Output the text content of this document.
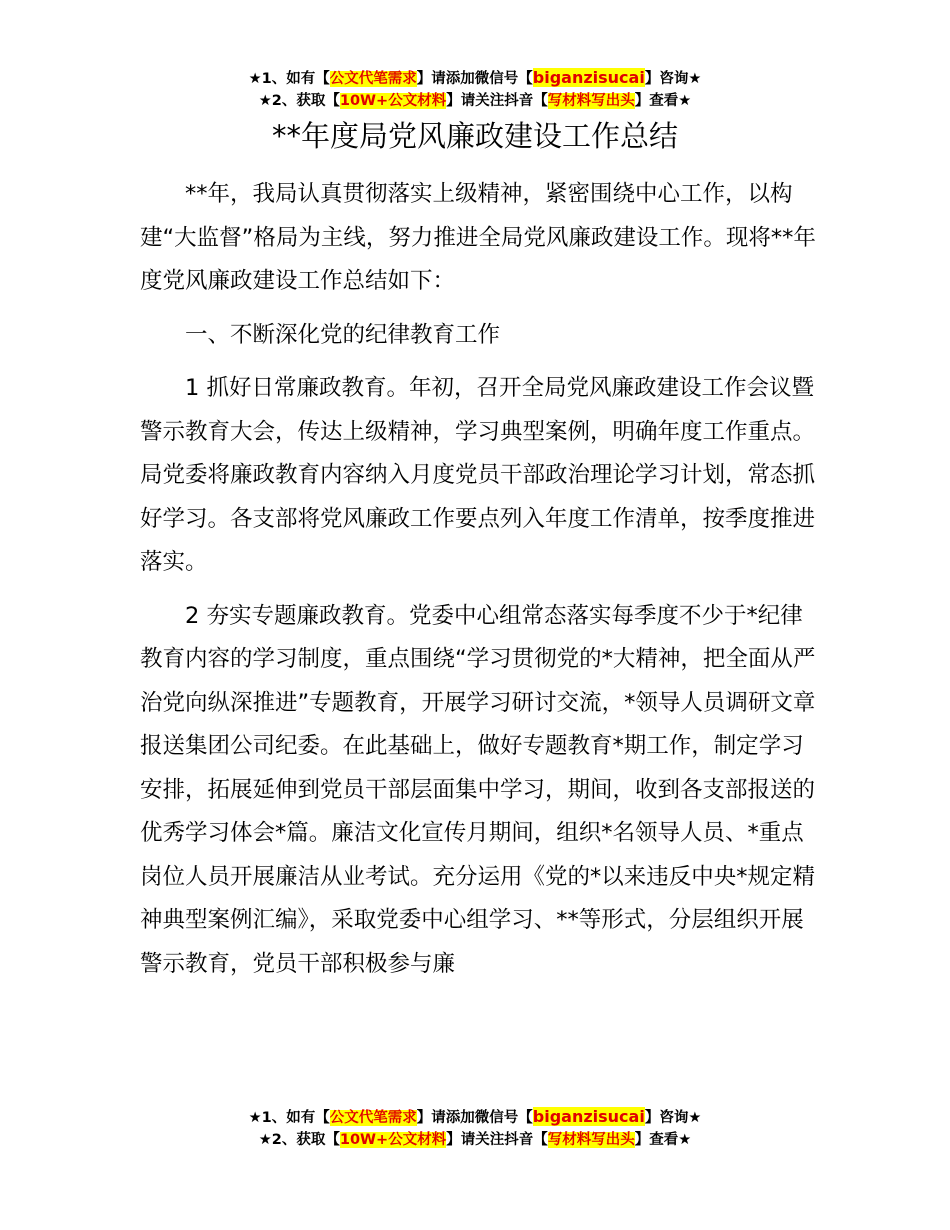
★1、如有【公文代笔需求】请添加微信号【biganzisucai】咨询★
★2、获取【10W+公文材料】请关注抖音【写材料写出头】查看★
**年度局党风廉政建设工作总结

**年，我局认真贯彻落实上级精神，紧密围绕中心工作，以构建“大监督”格局为主线，努力推进全局党风廉政建设工作。现将**年度党风廉政建设工作总结如下：

一、不断深化党的纪律教育工作

1 抓好日常廉政教育。年初，召开全局党风廉政建设工作会议暨警示教育大会，传达上级精神，学习典型案例，明确年度工作重点。局党委将廉政教育内容纳入月度党员干部政治理论学习计划，常态抓好学习。各支部将党风廉政工作要点列入年度工作清单，按季度推进落实。

2 夯实专题廉政教育。党委中心组常态落实每季度不少于*纪律教育内容的学习制度，重点围绕“学习贯彻党的*大精神，把全面从严治党向纵深推进”专题教育，开展学习研讨交流，*领导人员调研文章报送集团公司纪委。在此基础上，做好专题教育*期工作，制定学习安排，拓展延伸到党员干部层面集中学习，期间，收到各支部报送的优秀学习体会*篇。廉洁文化宣传月期间，组织*名领导人员、*重点岗位人员开展廉洁从业考试。充分运用《党的*以来违反中央*规定精神典型案例汇编》，采取党委中心组学习、**等形式，分层组织开展警示教育，党员干部积极参与廉

★1、如有【公文代笔需求】请添加微信号【biganzisucai】咨询★
★2、获取【10W+公文材料】请关注抖音【写材料写出头】查看★
